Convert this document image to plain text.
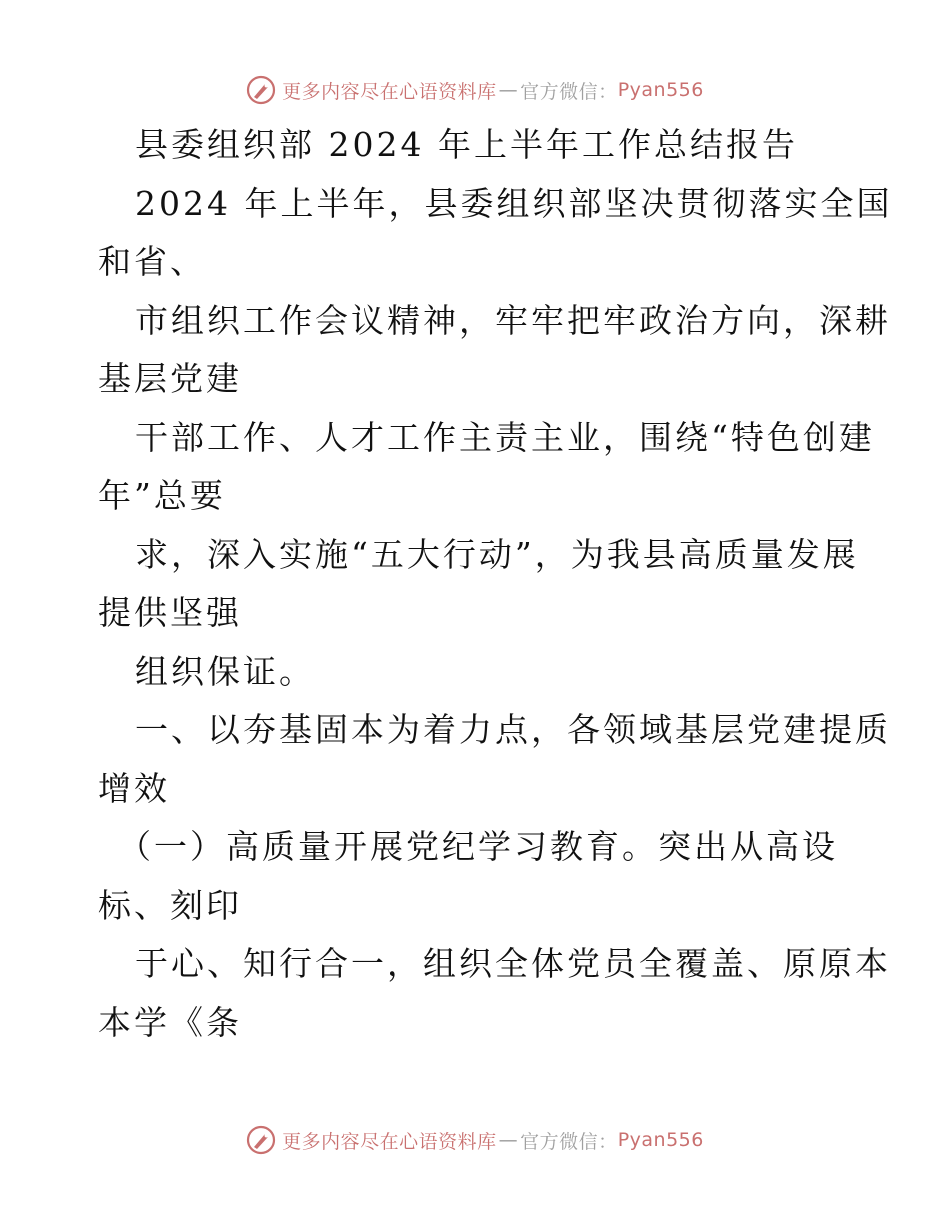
更多内容尽在心语资料库 — 官方微信： Pyan556
县委组织部 2024 年上半年工作总结报告
2024 年上半年，县委组织部坚决贯彻落实全国
和省、
市组织工作会议精神，牢牢把牢政治方向，深耕
基层党建
干部工作、人才工作主责主业，围绕“特色创建
年”总要
求，深入实施“五大行动”，为我县高质量发展
提供坚强
组织保证。
一、以夯基固本为着力点，各领域基层党建提质
增效
（一）高质量开展党纪学习教育。突出从高设
标、刻印
于心、知行合一，组织全体党员全覆盖、原原本
本学《条
更多内容尽在心语资料库 — 官方微信： Pyan556
